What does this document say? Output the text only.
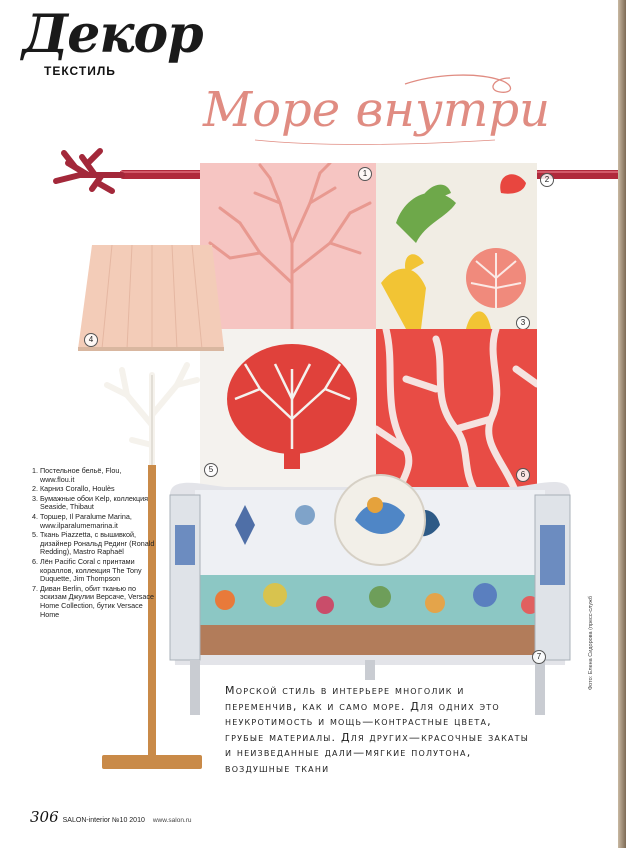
Декор
ТЕКСТИЛЬ
Море внутри
2
1
3
5
6
4
7
1. Постельное бельё, Flou, www.flou.it
2. Карниз Corallo, Houlès
3. Бумажные обои Kelp, коллекция Seaside, Thibaut
4. Торшер, Il Paralume Marina, www.ilparalumemarina.it
5. Ткань Piazzetta, с вышивкой, дизайнер Рональд Рединг (Ronald Redding), Mastro Raphaël
6. Лён Pacific Coral с принтами кораллов, коллекция The Tony Duquette, Jim Thompson
7. Диван Berlin, обит тканью по эскизам Джулии Версаче, Versace Home Collection, бутик Versace Home

Морской стиль в интерьере многолик и переменчив, как и само море. Для одних это неукротимость и мощь—контрастные цвета, грубые материалы. Для других—красочные закаты и неизведанные дали—мягкие полутона, воздушные ткани

Фото: Елена Сидорова (пресс-служб
306 SALON-interior №10 2010 www.salon.ru
